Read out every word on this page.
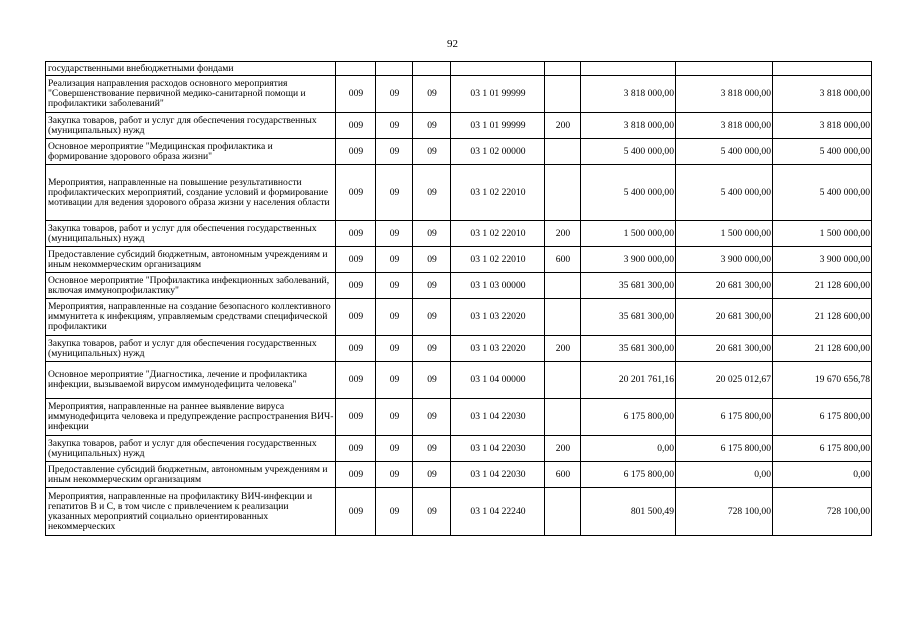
92
государственными внебюджетными фондами								
Реализация направления расходов основного мероприятия "Совершенствование первичной медико-санитарной помощи и профилактики заболеваний"	009	09	09	03 1 01 99999		3 818 000,00	3 818 000,00	3 818 000,00
Закупка товаров, работ и услуг для обеспечения государственных (муниципальных) нужд	009	09	09	03 1 01 99999	200	3 818 000,00	3 818 000,00	3 818 000,00
Основное мероприятие "Медицинская профилактика и формирование здорового образа жизни"	009	09	09	03 1 02 00000		5 400 000,00	5 400 000,00	5 400 000,00
Мероприятия, направленные на повышение результативности профилактических мероприятий, создание условий и формирование мотивации для ведения здорового образа жизни у населения области	009	09	09	03 1 02 22010		5 400 000,00	5 400 000,00	5 400 000,00
Закупка товаров, работ и услуг для обеспечения государственных (муниципальных) нужд	009	09	09	03 1 02 22010	200	1 500 000,00	1 500 000,00	1 500 000,00
Предоставление субсидий бюджетным, автономным учреждениям и иным некоммерческим организациям	009	09	09	03 1 02 22010	600	3 900 000,00	3 900 000,00	3 900 000,00
Основное мероприятие "Профилактика инфекционных заболеваний, включая иммунопрофилактику"	009	09	09	03 1 03 00000		35 681 300,00	20 681 300,00	21 128 600,00
Мероприятия, направленные на создание безопасного коллективного иммунитета к инфекциям, управляемым средствами специфической профилактики	009	09	09	03 1 03 22020		35 681 300,00	20 681 300,00	21 128 600,00
Закупка товаров, работ и услуг для обеспечения государственных (муниципальных) нужд	009	09	09	03 1 03 22020	200	35 681 300,00	20 681 300,00	21 128 600,00
Основное мероприятие "Диагностика, лечение и профилактика инфекции, вызываемой вирусом иммунодефицита человека"	009	09	09	03 1 04 00000		20 201 761,16	20 025 012,67	19 670 656,78
Мероприятия, направленные на раннее выявление вируса иммунодефицита человека и предупреждение распространения ВИЧ-инфекции	009	09	09	03 1 04 22030		6 175 800,00	6 175 800,00	6 175 800,00
Закупка товаров, работ и услуг для обеспечения государственных (муниципальных) нужд	009	09	09	03 1 04 22030	200	0,00	6 175 800,00	6 175 800,00
Предоставление субсидий бюджетным, автономным учреждениям и иным некоммерческим организациям	009	09	09	03 1 04 22030	600	6 175 800,00	0,00	0,00
Мероприятия, направленные на профилактику ВИЧ-инфекции и гепатитов В и С, в том числе с привлечением к реализации указанных мероприятий социально ориентированных некоммерческих	009	09	09	03 1 04 22240		801 500,49	728 100,00	728 100,00
